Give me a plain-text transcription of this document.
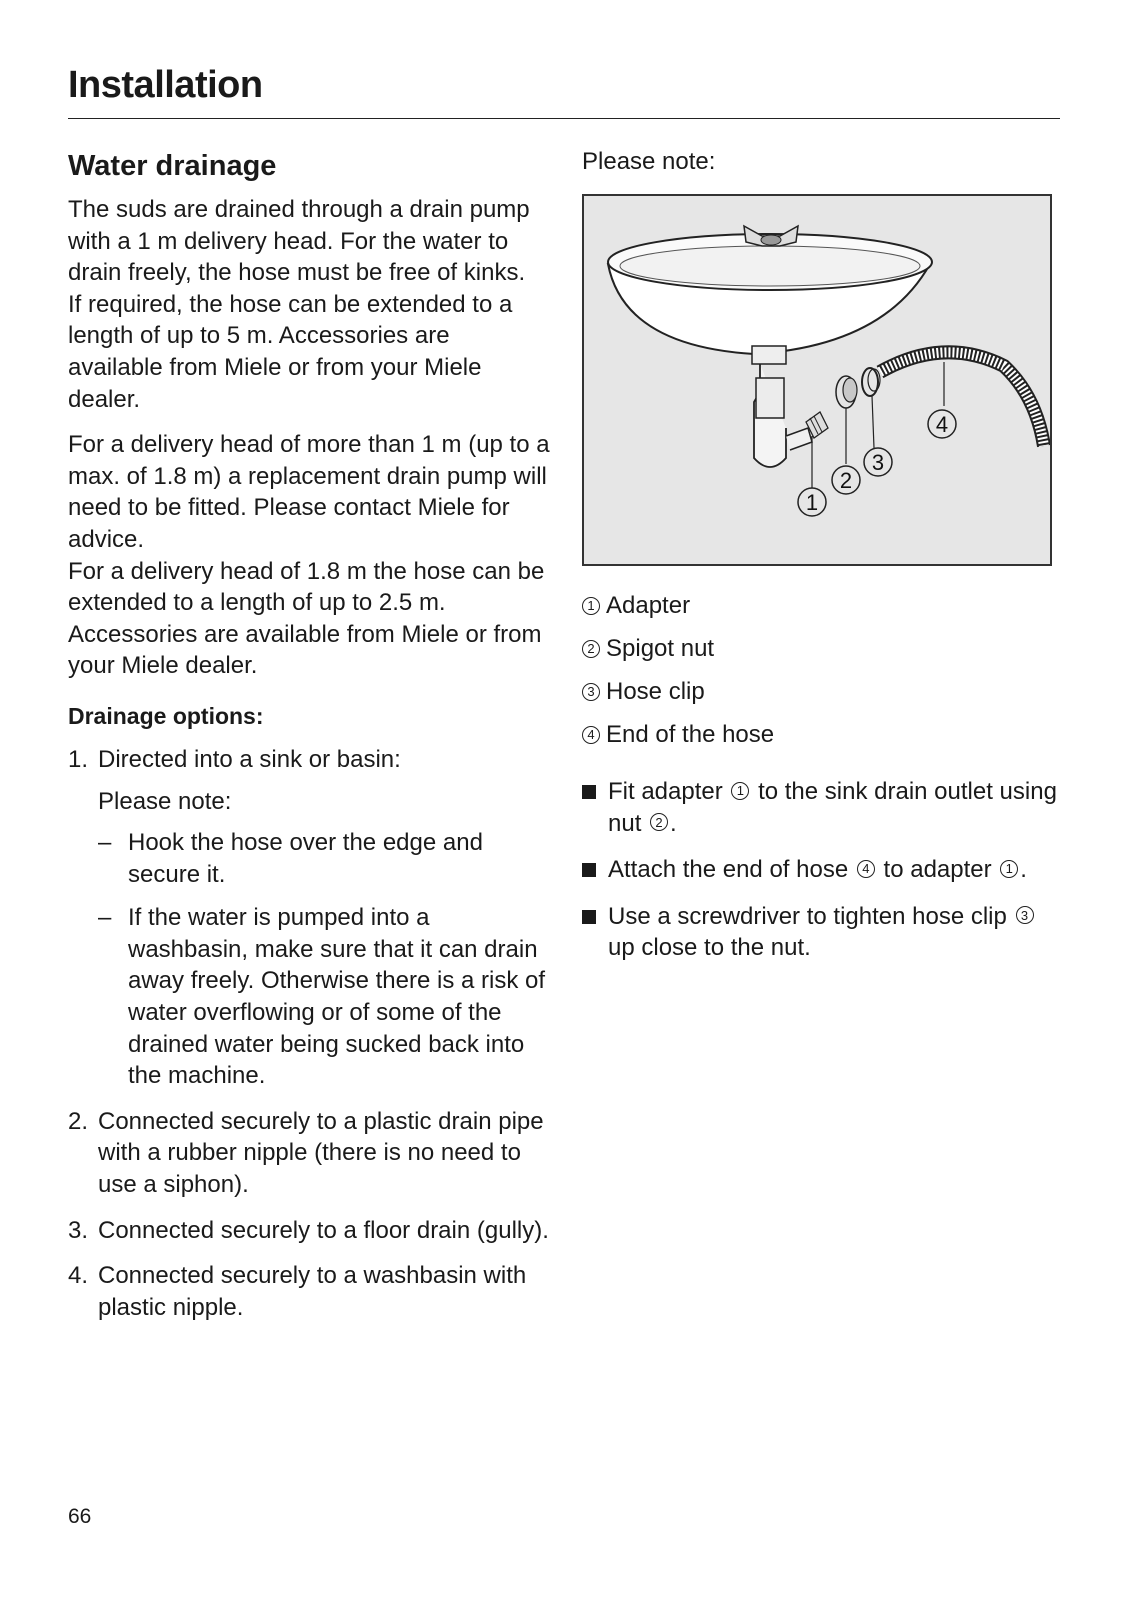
Installation
Water drainage

The suds are drained through a drain pump with a 1 m delivery head. For the water to drain freely, the hose must be free of kinks.
If required, the hose can be extended to a length of up to 5 m. Accessories are available from Miele or from your Miele dealer.

For a delivery head of more than 1 m (up to a max. of 1.8 m) a replacement drain pump will need to be fitted. Please contact Miele for advice.
For a delivery head of 1.8 m the hose can be extended to a length of up to 2.5 m. Accessories are available from Miele or from your Miele dealer.

Drainage options:
1. Directed into a sink or basin:
Please note:
– Hook the hose over the edge and secure it.
– If the water is pumped into a washbasin, make sure that it can drain away freely. Otherwise there is a risk of water overflowing or of some of the drained water being sucked back into the machine.
2. Connected securely to a plastic drain pipe with a rubber nipple (there is no need to use a siphon).
3. Connected securely to a floor drain (gully).
4. Connected securely to a washbasin with plastic nipple.

Please note:

1
2
3
4
1 Adapter
2 Spigot nut
3 Hose clip
4 End of the hose
Fit adapter 1 to the sink drain outlet using nut 2 .
Attach the end of hose 4 to adapter 1 .
Use a screwdriver to tighten hose clip 3 up close to the nut.
66
